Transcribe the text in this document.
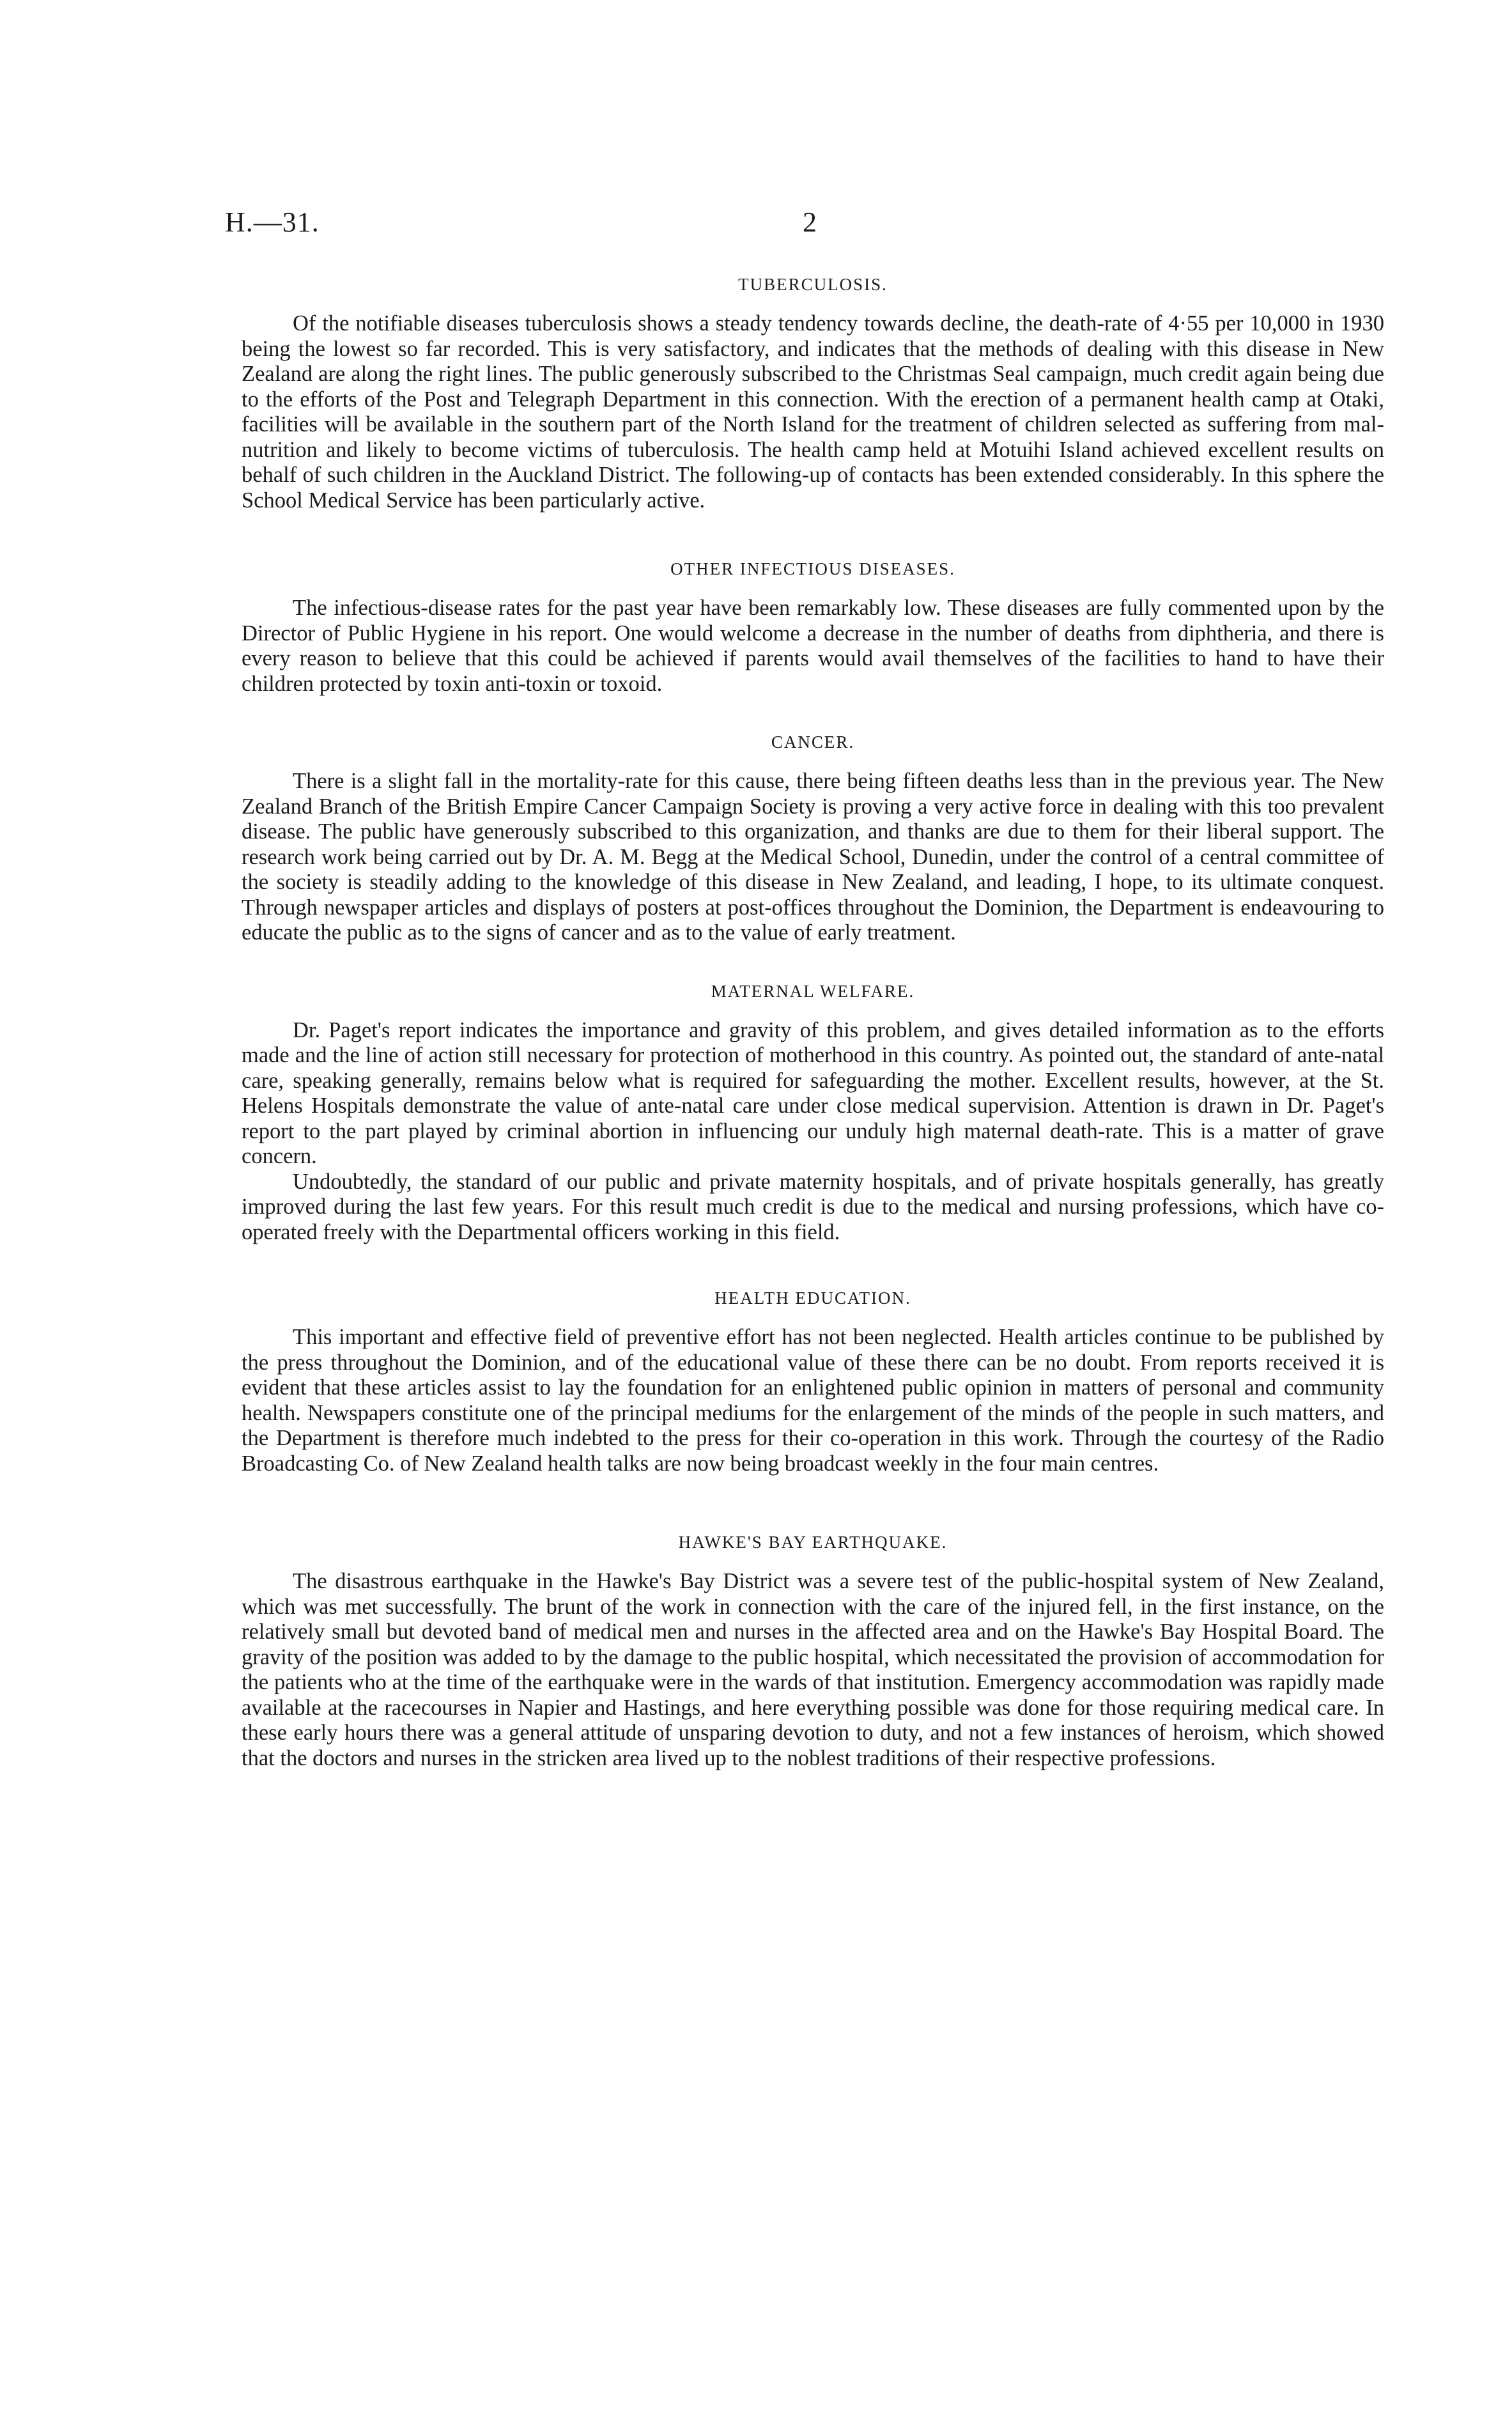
H.—31.	2
TUBERCULOSIS.

Of the notifiable diseases tuberculosis shows a steady tendency towards decline, the death-rate of 4·55 per 10,000 in 1930 being the lowest so far recorded. This is very satisfactory, and indicates that the methods of dealing with this disease in New Zealand are along the right lines. The public generously subscribed to the Christmas Seal campaign, much credit again being due to the efforts of the Post and Telegraph Department in this connection. With the erection of a permanent health camp at Otaki, facilities will be available in the southern part of the North Island for the treatment of children selected as suffering from mal-nutrition and likely to become victims of tuberculosis. The health camp held at Motuihi Island achieved excellent results on behalf of such children in the Auckland District. The following-up of contacts has been extended considerably. In this sphere the School Medical Service has been particularly active.

OTHER INFECTIOUS DISEASES.

The infectious-disease rates for the past year have been remarkably low. These diseases are fully commented upon by the Director of Public Hygiene in his report. One would welcome a decrease in the number of deaths from diphtheria, and there is every reason to believe that this could be achieved if parents would avail themselves of the facilities to hand to have their children protected by toxin anti-toxin or toxoid.

CANCER.

There is a slight fall in the mortality-rate for this cause, there being fifteen deaths less than in the previous year. The New Zealand Branch of the British Empire Cancer Campaign Society is proving a very active force in dealing with this too prevalent disease. The public have generously subscribed to this organization, and thanks are due to them for their liberal support. The research work being carried out by Dr. A. M. Begg at the Medical School, Dunedin, under the control of a central committee of the society is steadily adding to the knowledge of this disease in New Zealand, and leading, I hope, to its ultimate conquest. Through newspaper articles and displays of posters at post-offices throughout the Dominion, the Department is endeavouring to educate the public as to the signs of cancer and as to the value of early treatment.

MATERNAL WELFARE.

Dr. Paget's report indicates the importance and gravity of this problem, and gives detailed information as to the efforts made and the line of action still necessary for protection of motherhood in this country. As pointed out, the standard of ante-natal care, speaking generally, remains below what is required for safeguarding the mother. Excellent results, however, at the St. Helens Hospitals demonstrate the value of ante-natal care under close medical supervision. Attention is drawn in Dr. Paget's report to the part played by criminal abortion in influencing our unduly high maternal death-rate. This is a matter of grave concern.

Undoubtedly, the standard of our public and private maternity hospitals, and of private hospitals generally, has greatly improved during the last few years. For this result much credit is due to the medical and nursing professions, which have co-operated freely with the Departmental officers working in this field.

HEALTH EDUCATION.

This important and effective field of preventive effort has not been neglected. Health articles continue to be published by the press throughout the Dominion, and of the educational value of these there can be no doubt. From reports received it is evident that these articles assist to lay the foundation for an enlightened public opinion in matters of personal and community health. Newspapers constitute one of the principal mediums for the enlargement of the minds of the people in such matters, and the Department is therefore much indebted to the press for their co-operation in this work. Through the courtesy of the Radio Broadcasting Co. of New Zealand health talks are now being broadcast weekly in the four main centres.

HAWKE'S BAY EARTHQUAKE.

The disastrous earthquake in the Hawke's Bay District was a severe test of the public-hospital system of New Zealand, which was met successfully. The brunt of the work in connection with the care of the injured fell, in the first instance, on the relatively small but devoted band of medical men and nurses in the affected area and on the Hawke's Bay Hospital Board. The gravity of the position was added to by the damage to the public hospital, which necessitated the provision of accommodation for the patients who at the time of the earthquake were in the wards of that institution. Emergency accommodation was rapidly made available at the racecourses in Napier and Hastings, and here everything possible was done for those requiring medical care. In these early hours there was a general attitude of unsparing devotion to duty, and not a few instances of heroism, which showed that the doctors and nurses in the stricken area lived up to the noblest traditions of their respective professions.
